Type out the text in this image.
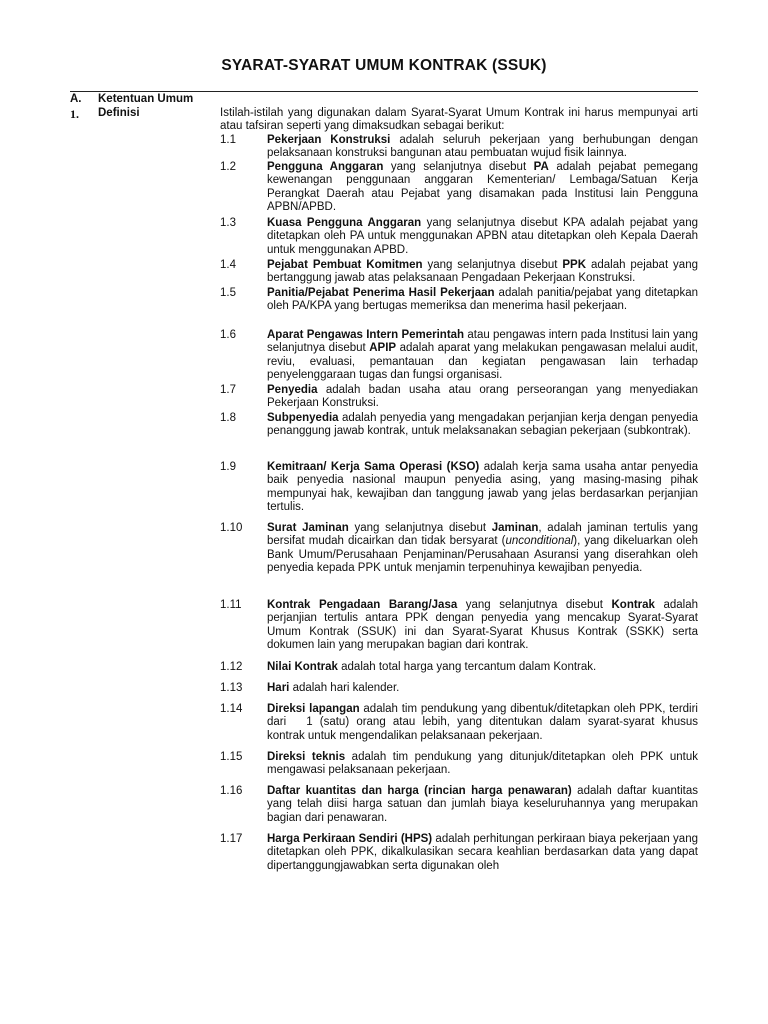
SYARAT-SYARAT UMUM KONTRAK (SSUK)
A. Ketentuan Umum
1. Definisi	Istilah-istilah yang digunakan dalam Syarat-Syarat Umum Kontrak ini harus mempunyai arti atau tafsiran seperti yang dimaksudkan sebagai berikut:
1.1	Pekerjaan Konstruksi adalah seluruh pekerjaan yang berhubungan dengan pelaksanaan konstruksi bangunan atau pembuatan wujud fisik lainnya.
1.2	Pengguna Anggaran yang selanjutnya disebut PA adalah pejabat pemegang kewenangan penggunaan anggaran Kementerian/ Lembaga/Satuan Kerja Perangkat Daerah atau Pejabat yang disamakan pada Institusi lain Pengguna APBN/APBD.
1.3	Kuasa Pengguna Anggaran yang selanjutnya disebut KPA adalah pejabat yang ditetapkan oleh PA untuk menggunakan APBN atau ditetapkan oleh Kepala Daerah untuk menggunakan APBD.
1.4	Pejabat Pembuat Komitmen yang selanjutnya disebut PPK adalah pejabat yang bertanggung jawab atas pelaksanaan Pengadaan Pekerjaan Konstruksi.
1.5	Panitia/Pejabat Penerima Hasil Pekerjaan adalah panitia/pejabat yang ditetapkan oleh PA/KPA yang bertugas memeriksa dan menerima hasil pekerjaan.
1.6	Aparat Pengawas Intern Pemerintah atau pengawas intern pada Institusi lain yang selanjutnya disebut APIP adalah aparat yang melakukan pengawasan melalui audit, reviu, evaluasi, pemantauan dan kegiatan pengawasan lain terhadap penyelenggaraan tugas dan fungsi organisasi.
1.7	Penyedia adalah badan usaha atau orang perseorangan yang menyediakan Pekerjaan Konstruksi.
1.8	Subpenyedia adalah penyedia yang mengadakan perjanjian kerja dengan penyedia penanggung jawab kontrak, untuk melaksanakan sebagian pekerjaan (subkontrak).
1.9	Kemitraan/ Kerja Sama Operasi (KSO) adalah kerja sama usaha antar penyedia baik penyedia nasional maupun penyedia asing, yang masing-masing pihak mempunyai hak, kewajiban dan tanggung jawab yang jelas berdasarkan perjanjian tertulis.
1.10	Surat Jaminan yang selanjutnya disebut Jaminan, adalah jaminan tertulis yang bersifat mudah dicairkan dan tidak bersyarat (unconditional), yang dikeluarkan oleh Bank Umum/Perusahaan Penjaminan/Perusahaan Asuransi yang diserahkan oleh penyedia kepada PPK untuk menjamin terpenuhinya kewajiban penyedia.
1.11	Kontrak Pengadaan Barang/Jasa yang selanjutnya disebut Kontrak adalah perjanjian tertulis antara PPK dengan penyedia yang mencakup Syarat-Syarat Umum Kontrak (SSUK) ini dan Syarat-Syarat Khusus Kontrak (SSKK) serta dokumen lain yang merupakan bagian dari kontrak.
1.12	Nilai Kontrak adalah total harga yang tercantum dalam Kontrak.
1.13	Hari adalah hari kalender.
1.14	Direksi lapangan adalah tim pendukung yang dibentuk/ditetapkan oleh PPK, terdiri dari 1 (satu) orang atau lebih, yang ditentukan dalam syarat-syarat khusus kontrak untuk mengendalikan pelaksanaan pekerjaan.
1.15	Direksi teknis adalah tim pendukung yang ditunjuk/ditetapkan oleh PPK untuk mengawasi pelaksanaan pekerjaan.
1.16	Daftar kuantitas dan harga (rincian harga penawaran) adalah daftar kuantitas yang telah diisi harga satuan dan jumlah biaya keseluruhannya yang merupakan bagian dari penawaran.
1.17	Harga Perkiraan Sendiri (HPS) adalah perhitungan perkiraan biaya pekerjaan yang ditetapkan oleh PPK, dikalkulasikan secara keahlian berdasarkan data yang dapat dipertanggungjawabkan serta digunakan oleh
